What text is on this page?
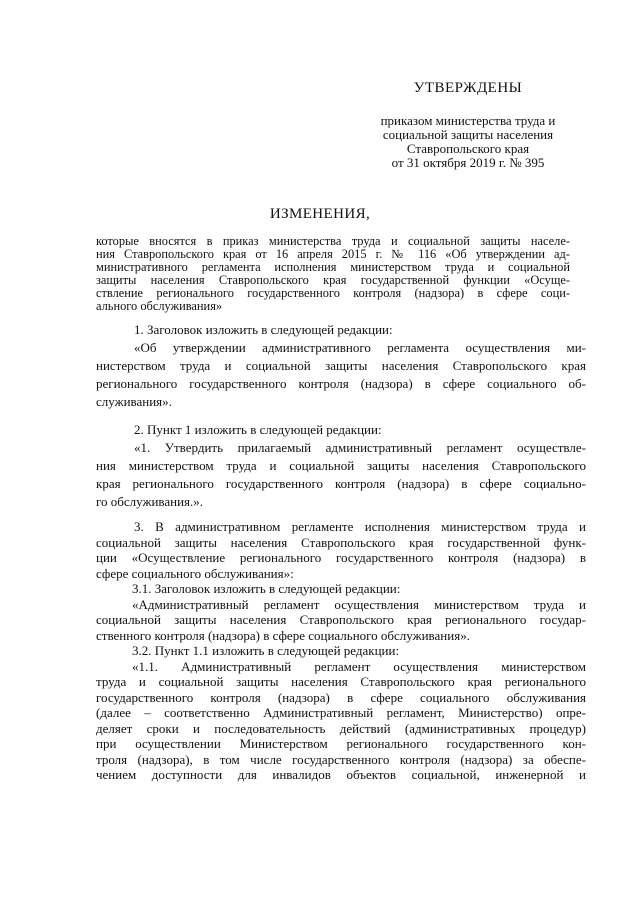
УТВЕРЖДЕНЫ
приказом министерства труда и
социальной защиты населения
Ставропольского края
от 31 октября 2019 г. № 395
ИЗМЕНЕНИЯ,
которые вносятся в приказ министерства труда и социальной защиты населе-
ния Ставропольского края от 16 апреля 2015 г. № 116 «Об утверждении ад-
министративного регламента исполнения министерством труда и социальной
защиты населения Ставропольского края государственной функции «Осуще-
ствление регионального государственного контроля (надзора) в сфере соци-
ального обслуживания»
1. Заголовок изложить в следующей редакции:
«Об утверждении административного регламента осуществления ми-
нистерством труда и социальной защиты населения Ставропольского края
регионального государственного контроля (надзора) в сфере социального об-
служивания».
2. Пункт 1 изложить в следующей редакции:
«1. Утвердить прилагаемый административный регламент осуществле-
ния министерством труда и социальной защиты населения Ставропольского
края регионального государственного контроля (надзора) в сфере социально-
го обслуживания.».
3. В административном регламенте исполнения министерством труда и
социальной защиты населения Ставропольского края государственной функ-
ции «Осуществление регионального государственного контроля (надзора) в
сфере социального обслуживания»:
3.1. Заголовок изложить в следующей редакции:
«Административный регламент осуществления министерством труда и
социальной защиты населения Ставропольского края регионального государ-
ственного контроля (надзора) в сфере социального обслуживания».
3.2. Пункт 1.1 изложить в следующей редакции:
«1.1. Административный регламент осуществления министерством
труда и социальной защиты населения Ставропольского края регионального
государственного контроля (надзора) в сфере социального обслуживания
(далее – соответственно Административный регламент, Министерство) опре-
деляет сроки и последовательность действий (административных процедур)
при осуществлении Министерством регионального государственного кон-
троля (надзора), в том числе государственного контроля (надзора) за обеспе-
чением доступности для инвалидов объектов социальной, инженерной и
